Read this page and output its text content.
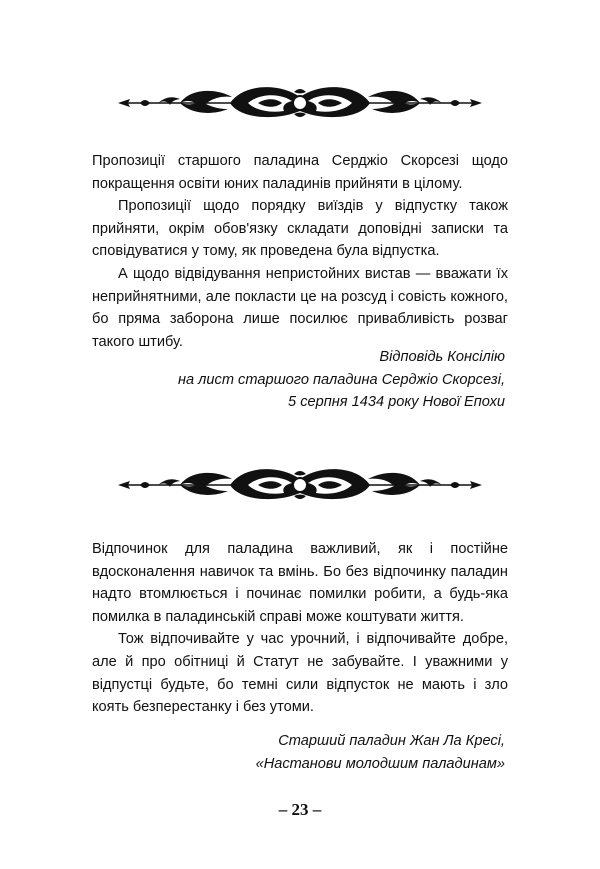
Пропозиції старшого паладина Серджіо Скорсезі щодо покращення освіти юних паладинів прийняти в цілому.

Пропозиції щодо порядку виїздів у відпустку також прийняти, окрім обов'язку складати доповідні записки та сповідуватися у тому, як проведена була відпустка.

А щодо відвідування непристойних вистав — вважати їх неприйнятними, але покласти це на розсуд і совість кожного, бо пряма заборона лише посилює привабливість розваг такого штибу.

Відповідь Консілію
на лист старшого паладина Серджіо Скорсезі,
5 серпня 1434 року Нової Епохи

Відпочинок для паладина важливий, як і постійне вдосконалення навичок та вмінь. Бо без відпочинку паладин надто втомлюється і починає помилки робити, а будь-яка помилка в паладинській справі може коштувати життя.

Тож відпочивайте у час урочний, і відпочивайте добре, але й про обітниці й Статут не забувайте. І уважними у відпустці будьте, бо темні сили відпусток не мають і зло коять безперестанку і без утоми.

Старший паладин Жан Ла Кресі,
«Настанови молодшим паладинам»
– 23 –
